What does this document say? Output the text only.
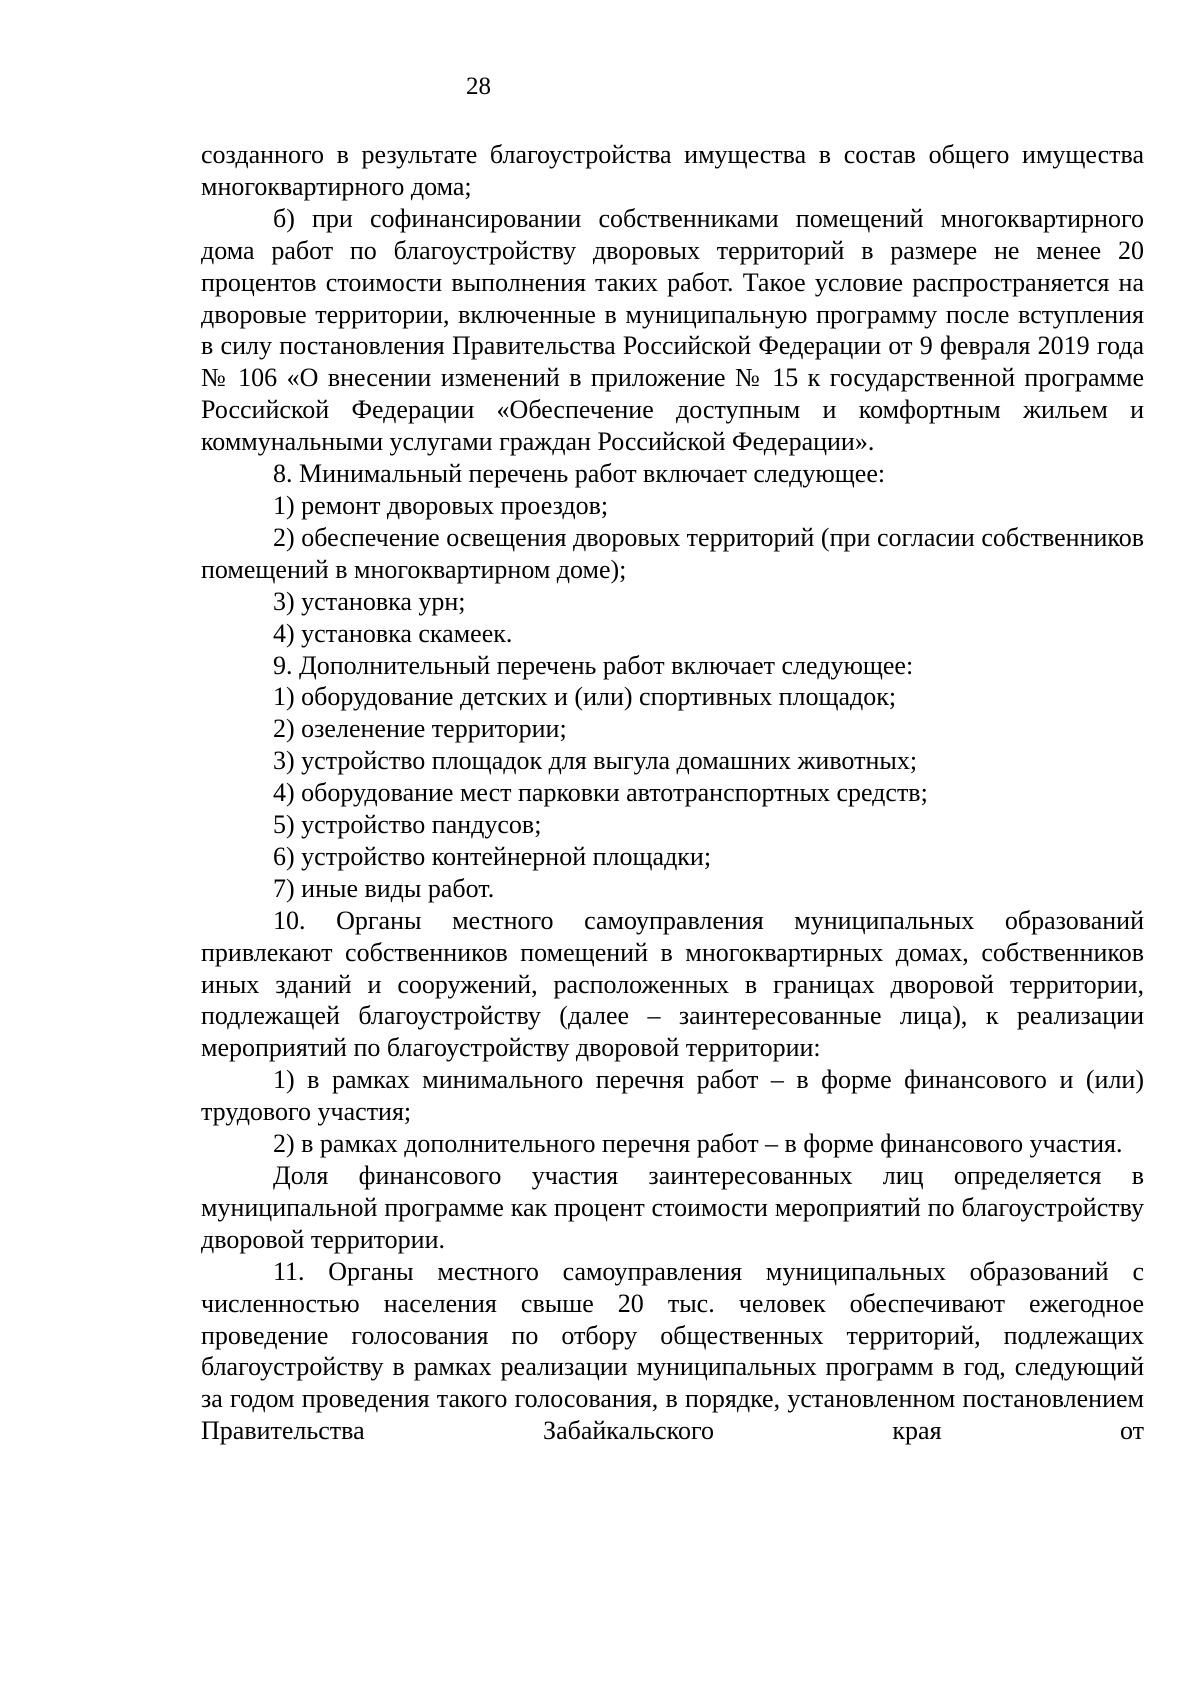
28

созданного в результате благоустройства имущества в состав общего имущества многоквартирного дома;

б) при софинансировании собственниками помещений многоквартирного дома работ по благоустройству дворовых территорий в размере не менее 20 процентов стоимости выполнения таких работ. Такое условие распространяется на дворовые территории, включенные в муниципальную программу после вступления в силу постановления Правительства Российской Федерации от 9 февраля 2019 года № 106 «О внесении изменений в приложение № 15 к государственной программе Российской Федерации «Обеспечение доступным и комфортным жильем и коммунальными услугами граждан Российской Федерации».

8. Минимальный перечень работ включает следующее:

1) ремонт дворовых проездов;

2) обеспечение освещения дворовых территорий (при согласии собственников помещений в многоквартирном доме);

3) установка урн;

4) установка скамеек.

9. Дополнительный перечень работ включает следующее:

1) оборудование детских и (или) спортивных площадок;

2) озеленение территории;

3) устройство площадок для выгула домашних животных;

4) оборудование мест парковки автотранспортных средств;

5) устройство пандусов;

6) устройство контейнерной площадки;

7) иные виды работ.

10. Органы местного самоуправления муниципальных образований привлекают собственников помещений в многоквартирных домах, собственников иных зданий и сооружений, расположенных в границах дворовой территории, подлежащей благоустройству (далее – заинтересованные лица), к реализации мероприятий по благоустройству дворовой территории:

1) в рамках минимального перечня работ – в форме финансового и (или) трудового участия;

2) в рамках дополнительного перечня работ – в форме финансового участия.

Доля финансового участия заинтересованных лиц определяется в муниципальной программе как процент стоимости мероприятий по благоустройству дворовой территории.

11. Органы местного самоуправления муниципальных образований с численностью населения свыше 20 тыс. человек обеспечивают ежегодное проведение голосования по отбору общественных территорий, подлежащих благоустройству в рамках реализации муниципальных программ в год, следующий за годом проведения такого голосования, в порядке, установленном постановлением Правительства Забайкальского края от
